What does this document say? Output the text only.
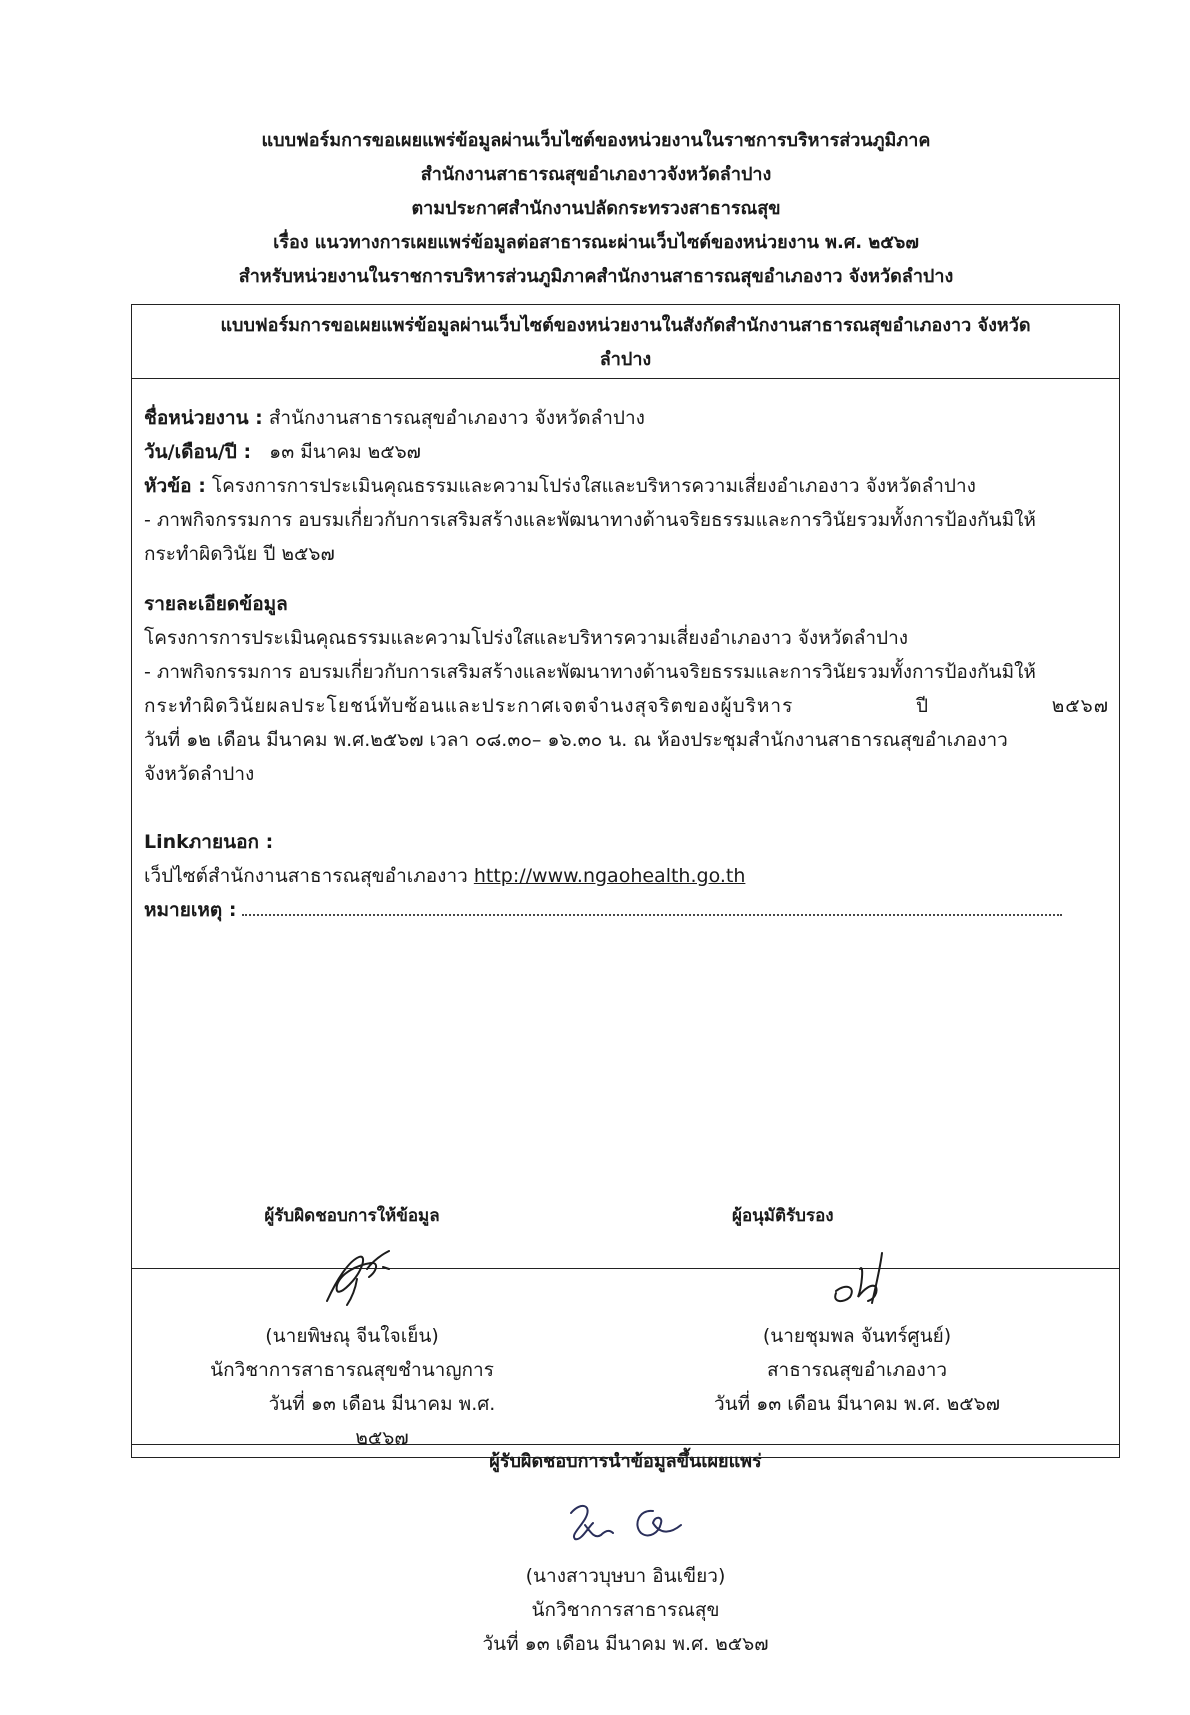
แบบฟอร์มการขอเผยแพร่ข้อมูลผ่านเว็บไซต์ของหน่วยงานในราชการบริหารส่วนภูมิภาค
สำนักงานสาธารณสุขอำเภองาวจังหวัดลำปาง
ตามประกาศสำนักงานปลัดกระทรวงสาธารณสุข
เรื่อง แนวทางการเผยแพร่ข้อมูลต่อสาธารณะผ่านเว็บไซต์ของหน่วยงาน พ.ศ. ๒๕๖๗
สำหรับหน่วยงานในราชการบริหารส่วนภูมิภาคสำนักงานสาธารณสุขอำเภองาว จังหวัดลำปาง
แบบฟอร์มการขอเผยแพร่ข้อมูลผ่านเว็บไซต์ของหน่วยงานในสังกัดสำนักงานสาธารณสุขอำเภองาว จังหวัด
ลำปาง
ชื่อหน่วยงาน : สำนักงานสาธารณสุขอำเภองาว จังหวัดลำปาง
วัน/เดือน/ปี : ๑๓ มีนาคม ๒๕๖๗
หัวข้อ : โครงการการประเมินคุณธรรมและความโปร่งใสและบริหารความเสี่ยงอำเภองาว จังหวัดลำปาง
- ภาพกิจกรรมการ อบรมเกี่ยวกับการเสริมสร้างและพัฒนาทางด้านจริยธรรมและการวินัยรวมทั้งการป้องกันมิให้
กระทำผิดวินัย ปี ๒๕๖๗
รายละเอียดข้อมูล
โครงการการประเมินคุณธรรมและความโปร่งใสและบริหารความเสี่ยงอำเภองาว จังหวัดลำปาง
- ภาพกิจกรรมการ อบรมเกี่ยวกับการเสริมสร้างและพัฒนาทางด้านจริยธรรมและการวินัยรวมทั้งการป้องกันมิให้
กระทำผิดวินัยผลประโยชน์ทับซ้อนและประกาศเจตจำนงสุจริตของผู้บริหาร ปี ๒๕๖๗
วันที่ ๑๒ เดือน มีนาคม พ.ศ.๒๕๖๗ เวลา ๐๘.๓๐– ๑๖.๓๐ น. ณ ห้องประชุมสำนักงานสาธารณสุขอำเภองาว
จังหวัดลำปาง
Linkภายนอก :
เว็ปไซต์สำนักงานสาธารณสุขอำเภองาว http://www.ngaohealth.go.th
หมายเหตุ :
ผู้รับผิดชอบการให้ข้อมูล
(นายพิษณุ จีนใจเย็น)
นักวิชาการสาธารณสุขชำนาญการ
วันที่ ๑๓ เดือน มีนาคม พ.ศ. ๒๕๖๗
ผู้อนุมัติรับรอง
(นายชุมพล จันทร์ศูนย์)
สาธารณสุขอำเภองาว
วันที่ ๑๓ เดือน มีนาคม พ.ศ. ๒๕๖๗
ผู้รับผิดชอบการนำข้อมูลขึ้นเผยแพร่
(นางสาวบุษบา อินเขียว)
นักวิชาการสาธารณสุข
วันที่ ๑๓ เดือน มีนาคม พ.ศ. ๒๕๖๗
